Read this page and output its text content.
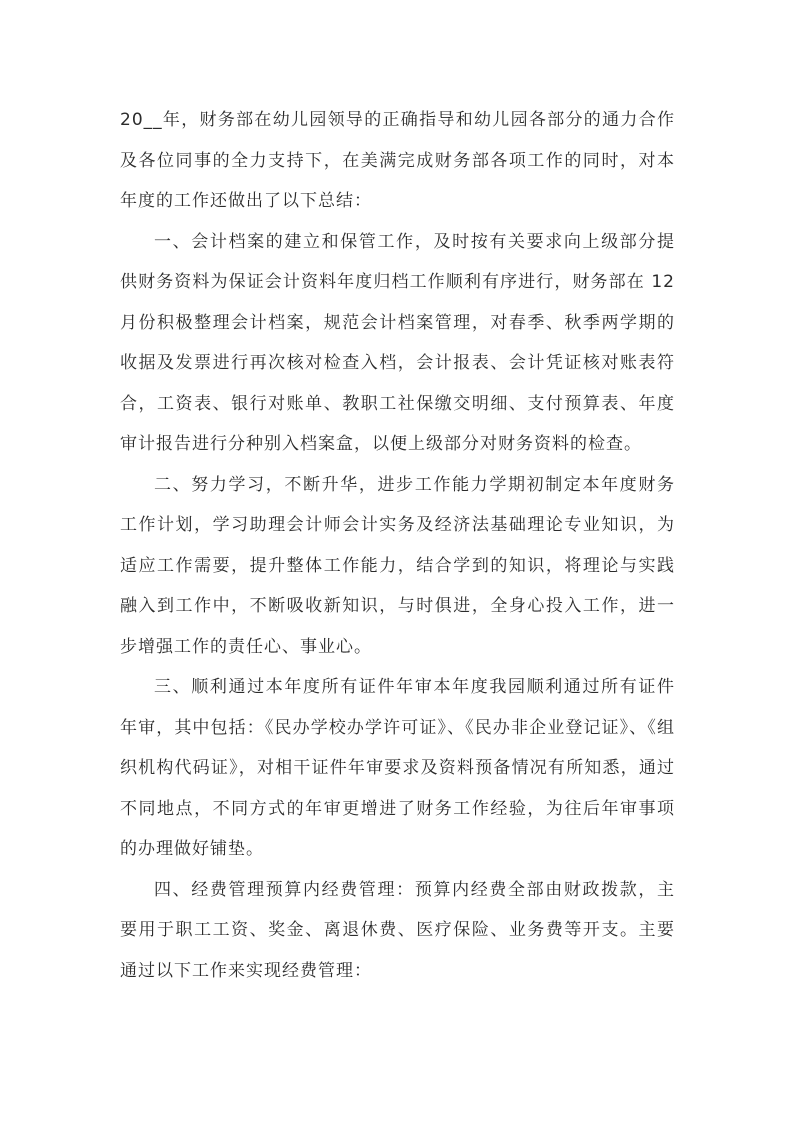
20__年，财务部在幼儿园领导的正确指导和幼儿园各部分的通力合作及各位同事的全力支持下，在美满完成财务部各项工作的同时，对本年度的工作还做出了以下总结：

一、会计档案的建立和保管工作，及时按有关要求向上级部分提供财务资料为保证会计资料年度归档工作顺利有序进行，财务部在 12 月份积极整理会计档案，规范会计档案管理，对春季、秋季两学期的收据及发票进行再次核对检查入档，会计报表、会计凭证核对账表符合，工资表、银行对账单、教职工社保缴交明细、支付预算表、年度审计报告进行分种别入档案盒，以便上级部分对财务资料的检查。

二、努力学习，不断升华，进步工作能力学期初制定本年度财务工作计划，学习助理会计师会计实务及经济法基础理论专业知识，为适应工作需要，提升整体工作能力，结合学到的知识，将理论与实践融入到工作中，不断吸收新知识，与时俱进，全身心投入工作，进一步增强工作的责任心、事业心。

三、顺利通过本年度所有证件年审本年度我园顺利通过所有证件年审，其中包括：《民办学校办学许可证》、《民办非企业登记证》、《组织机构代码证》，对相干证件年审要求及资料预备情况有所知悉，通过不同地点，不同方式的年审更增进了财务工作经验，为往后年审事项的办理做好铺垫。

四、经费管理预算内经费管理：预算内经费全部由财政拨款，主要用于职工工资、奖金、离退休费、医疗保险、业务费等开支。主要通过以下工作来实现经费管理：
